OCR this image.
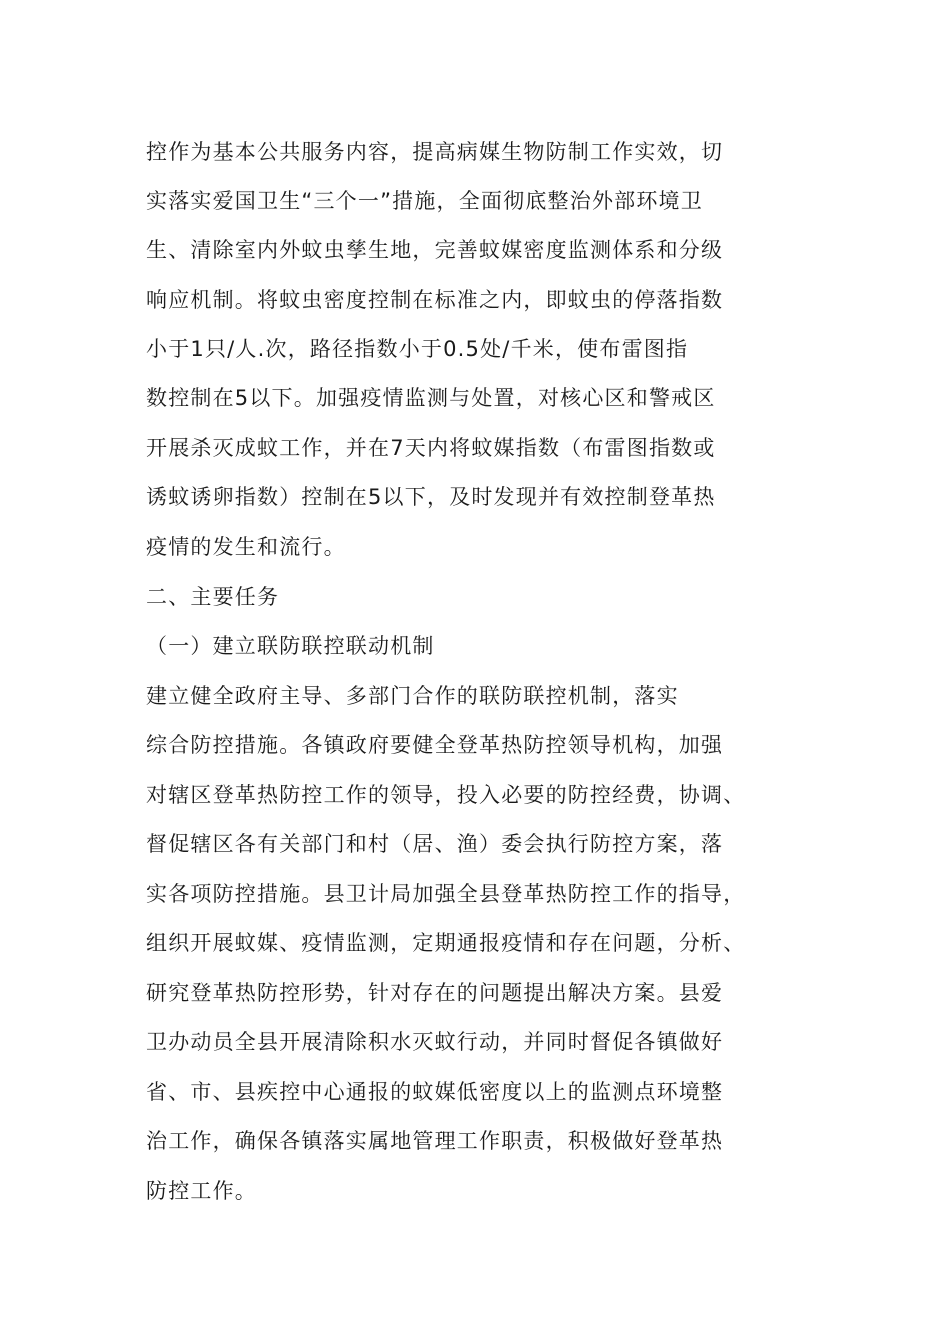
控作为基本公共服务内容，提高病媒生物防制工作实效，切
实落实爱国卫生“三个一”措施，全面彻底整治外部环境卫
生、清除室内外蚊虫孳生地，完善蚊媒密度监测体系和分级
响应机制。将蚊虫密度控制在标准之内，即蚊虫的停落指数
小于1只/人.次，路径指数小于0.5处/千米，使布雷图指
数控制在5以下。加强疫情监测与处置，对核心区和警戒区
开展杀灭成蚊工作，并在7天内将蚊媒指数（布雷图指数或
诱蚊诱卵指数）控制在5以下，及时发现并有效控制登革热
疫情的发生和流行。
二、主要任务
（一）建立联防联控联动机制
建立健全政府主导、多部门合作的联防联控机制，落实
综合防控措施。各镇政府要健全登革热防控领导机构，加强
对辖区登革热防控工作的领导，投入必要的防控经费，协调、
督促辖区各有关部门和村（居、渔）委会执行防控方案，落
实各项防控措施。县卫计局加强全县登革热防控工作的指导，
组织开展蚊媒、疫情监测，定期通报疫情和存在问题，分析、
研究登革热防控形势，针对存在的问题提出解决方案。县爱
卫办动员全县开展清除积水灭蚊行动，并同时督促各镇做好
省、市、县疾控中心通报的蚊媒低密度以上的监测点环境整
治工作，确保各镇落实属地管理工作职责，积极做好登革热
防控工作。
